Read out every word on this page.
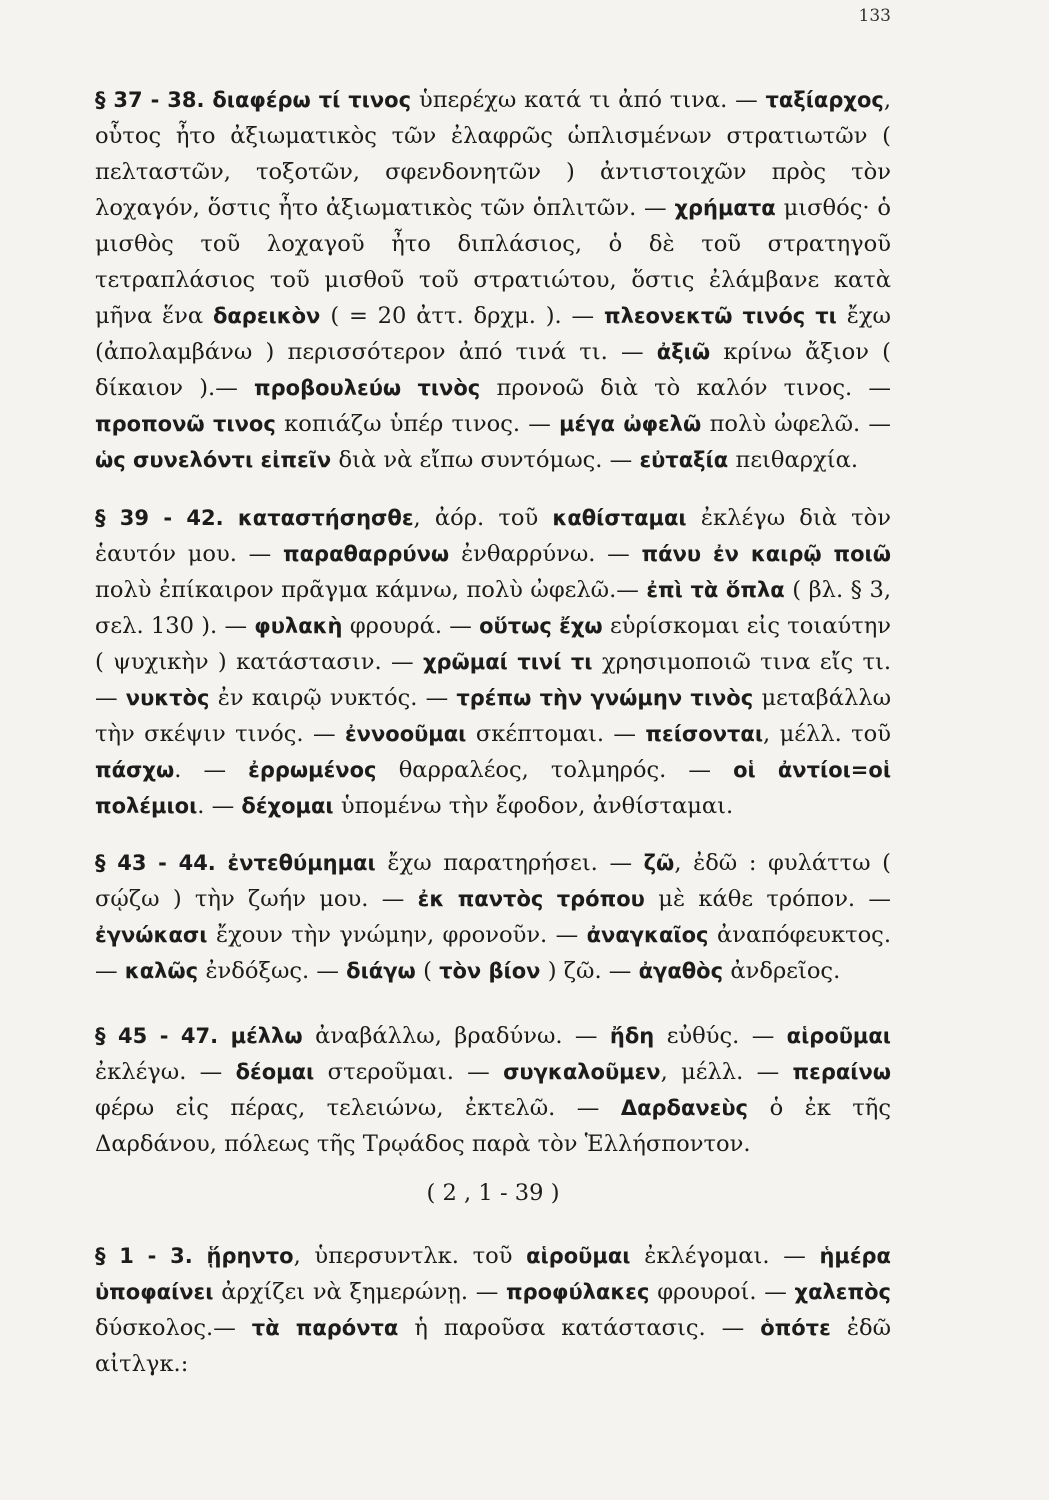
133

§ 37 - 38. διαφέρω τί τινος ὑπερέχω κατά τι ἀπό τινα. — ταξίαρχος, οὗτος ἦτο ἀξιωματικὸς τῶν ἐλαφρῶς ὡπλισμένων στρατιωτῶν ( πελταστῶν, τοξοτῶν, σφενδονητῶν ) ἀντιστοιχῶν πρὸς τὸν λοχαγόν, ὅστις ἦτο ἀξιωματικὸς τῶν ὁπλιτῶν. — χρήματα μισθός· ὁ μισθὸς τοῦ λοχαγοῦ ἦτο διπλάσιος, ὁ δὲ τοῦ στρατηγοῦ τετραπλάσιος τοῦ μισθοῦ τοῦ στρατιώτου, ὅστις ἐλάμβανε κατὰ μῆνα ἕνα δαρεικὸν ( = 20 ἀττ. δρχμ. ). — πλεονεκτῶ τινός τι ἔχω (ἀπολαμβάνω ) περισσότερον ἀπό τινά τι. — ἀξιῶ κρίνω ἄξιον ( δίκαιον ).— προβουλεύω τινὸς προνοῶ διὰ τὸ καλόν τινος. — προπονῶ τινος κοπιάζω ὑπέρ τινος. — μέγα ὠφελῶ πολὺ ὠφελῶ. — ὡς συνελόντι εἰπεῖν διὰ νὰ εἴπω συντόμως. — εὐταξία πειθαρχία.

§ 39 - 42. καταστήσησθε, ἀόρ. τοῦ καθίσταμαι ἐκλέγω διὰ τὸν ἑαυτόν μου. — παραθαρρύνω ἐνθαρρύνω. — πάνυ ἐν καιρῷ ποιῶ πολὺ ἐπίκαιρον πρᾶγμα κάμνω, πολὺ ὠφελῶ.— ἐπὶ τὰ ὅπλα ( βλ. § 3, σελ. 130 ). — φυλακὴ φρουρά. — οὕτως ἔχω εὑρίσκομαι εἰς τοιαύτην ( ψυχικὴν ) κατάστασιν. — χρῶμαί τινί τι χρησιμοποιῶ τινα εἴς τι. — νυκτὸς ἐν καιρῷ νυκτός. — τρέπω τὴν γνώμην τινὸς μεταβάλλω τὴν σκέψιν τινός. — ἐννοοῦμαι σκέπτομαι. — πείσονται, μέλλ. τοῦ πάσχω. — ἐρρωμένος θαρραλέος, τολμηρός. — οἱ ἀντίοι=οἱ πολέμιοι. — δέχομαι ὑπομένω τὴν ἔφοδον, ἀνθίσταμαι.

§ 43 - 44. ἐντεθύμημαι ἔχω παρατηρήσει. — ζῶ, ἐδῶ : φυλάττω ( σῴζω ) τὴν ζωήν μου. — ἐκ παντὸς τρόπου μὲ κάθε τρόπον. — ἐγνώκασι ἔχουν τὴν γνώμην, φρονοῦν. — ἀναγκαῖος ἀναπόφευκτος. — καλῶς ἐνδόξως. — διάγω ( τὸν βίον ) ζῶ. — ἀγαθὸς ἀνδρεῖος.

§ 45 - 47. μέλλω ἀναβάλλω, βραδύνω. — ἤδη εὐθύς. — αἱροῦμαι ἐκλέγω. — δέομαι στεροῦμαι. — συγκαλοῦμεν, μέλλ. — περαίνω φέρω εἰς πέρας, τελειώνω, ἐκτελῶ. — Δαρδανεὺς ὁ ἐκ τῆς Δαρδάνου, πόλεως τῆς Τρῳάδος παρὰ τὸν Ἑλλήσποντον.

( 2 , 1 - 39 )

§ 1 - 3. ᾕρηντο, ὑπερσυντλκ. τοῦ αἱροῦμαι ἐκλέγομαι. — ἡμέρα ὑποφαίνει ἀρχίζει νὰ ξημερώνῃ. — προφύλακες φρουροί. — χαλεπὸς δύσκολος.— τὰ παρόντα ἡ παροῦσα κατάστασις. — ὁπότε ἐδῶ αἰτλγκ.:
